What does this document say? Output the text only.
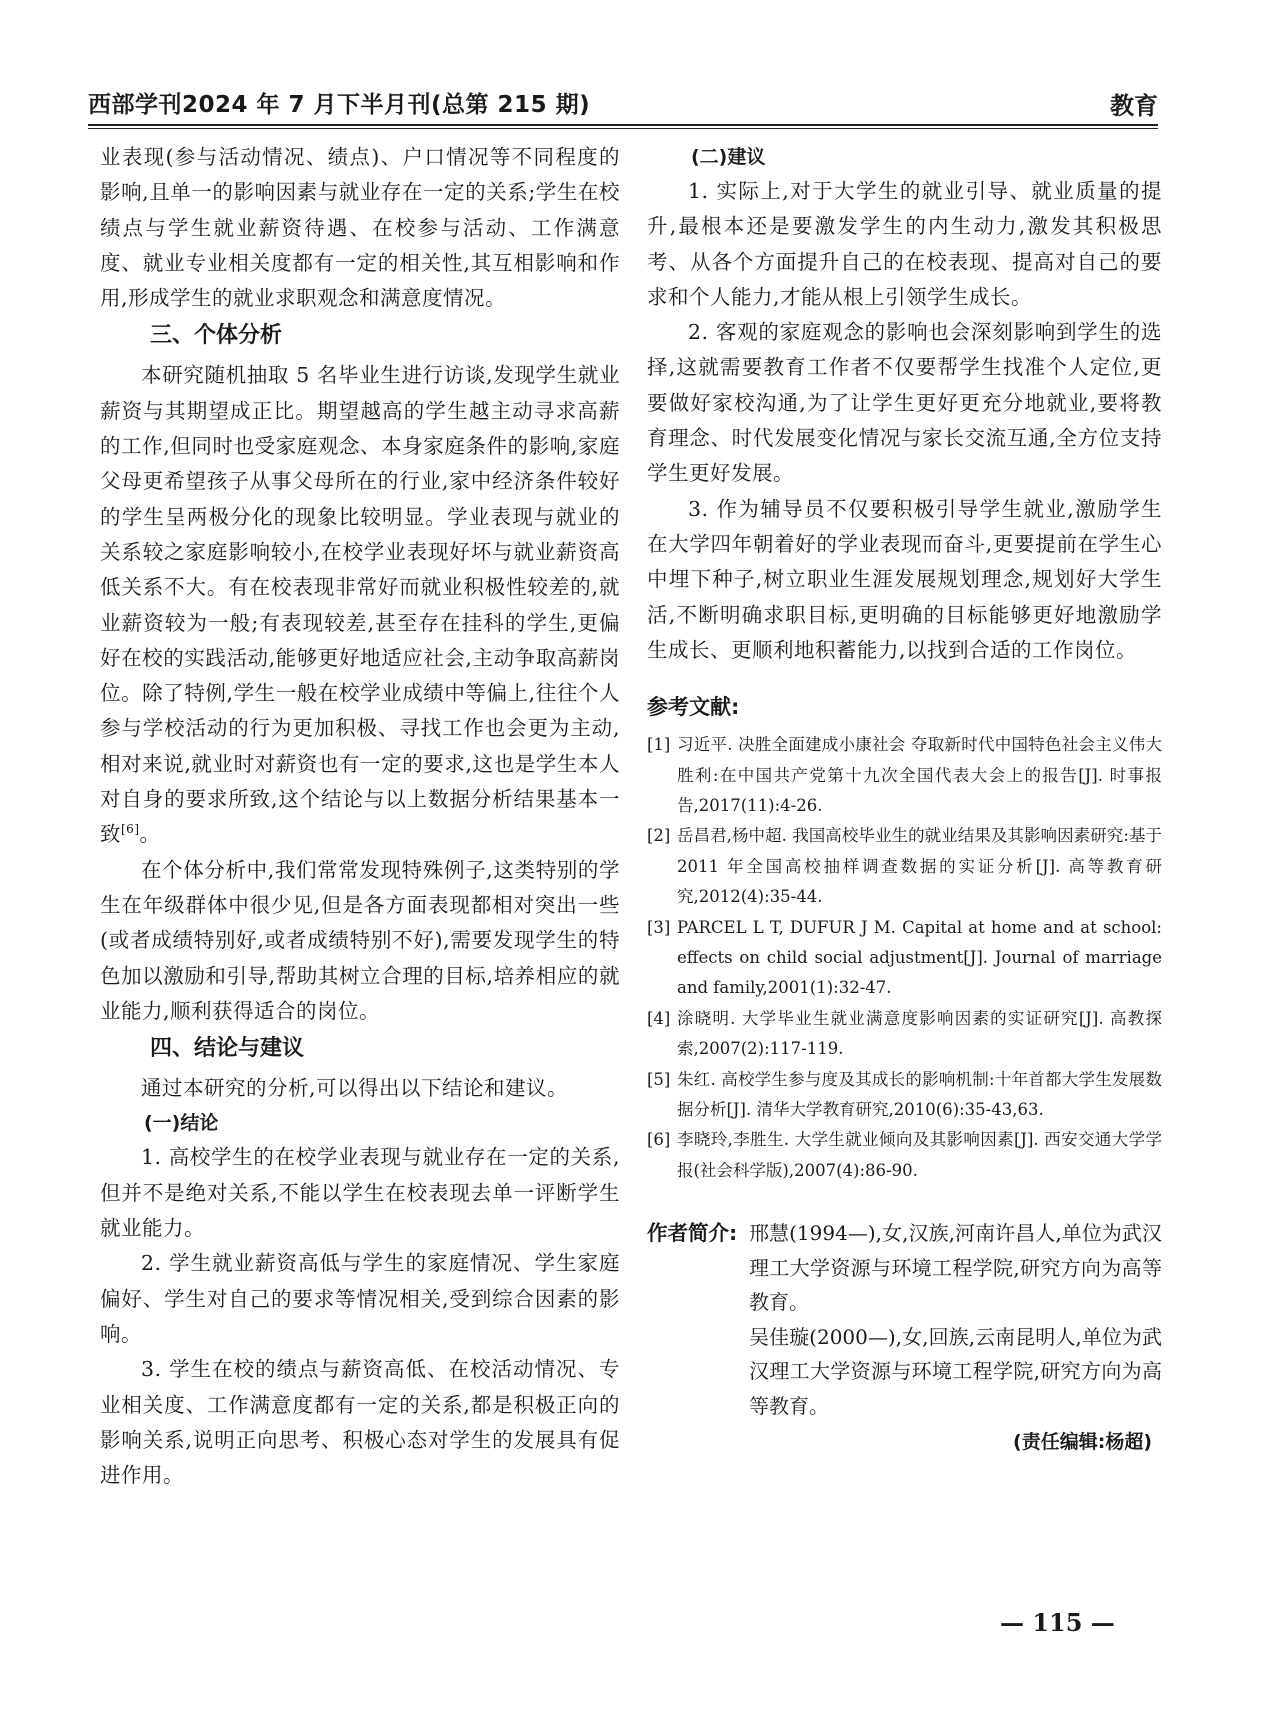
西部学刊2024 年 7 月下半月刊(总第 215 期)	教育

业表现(参与活动情况、绩点)、户口情况等不同程度的影响,且单一的影响因素与就业存在一定的关系;学生在校绩点与学生就业薪资待遇、在校参与活动、工作满意度、就业专业相关度都有一定的相关性,其互相影响和作用,形成学生的就业求职观念和满意度情况。

三、个体分析

本研究随机抽取 5 名毕业生进行访谈,发现学生就业薪资与其期望成正比。期望越高的学生越主动寻求高薪的工作,但同时也受家庭观念、本身家庭条件的影响,家庭父母更希望孩子从事父母所在的行业,家中经济条件较好的学生呈两极分化的现象比较明显。学业表现与就业的关系较之家庭影响较小,在校学业表现好坏与就业薪资高低关系不大。有在校表现非常好而就业积极性较差的,就业薪资较为一般;有表现较差,甚至存在挂科的学生,更偏好在校的实践活动,能够更好地适应社会,主动争取高薪岗位。除了特例,学生一般在校学业成绩中等偏上,往往个人参与学校活动的行为更加积极、寻找工作也会更为主动,相对来说,就业时对薪资也有一定的要求,这也是学生本人对自身的要求所致,这个结论与以上数据分析结果基本一致[6]。

在个体分析中,我们常常发现特殊例子,这类特别的学生在年级群体中很少见,但是各方面表现都相对突出一些(或者成绩特别好,或者成绩特别不好),需要发现学生的特色加以激励和引导,帮助其树立合理的目标,培养相应的就业能力,顺利获得适合的岗位。

四、结论与建议

通过本研究的分析,可以得出以下结论和建议。

(一)结论

1. 高校学生的在校学业表现与就业存在一定的关系,但并不是绝对关系,不能以学生在校表现去单一评断学生就业能力。

2. 学生就业薪资高低与学生的家庭情况、学生家庭偏好、学生对自己的要求等情况相关,受到综合因素的影响。

3. 学生在校的绩点与薪资高低、在校活动情况、专业相关度、工作满意度都有一定的关系,都是积极正向的影响关系,说明正向思考、积极心态对学生的发展具有促进作用。

(二)建议

1. 实际上,对于大学生的就业引导、就业质量的提升,最根本还是要激发学生的内生动力,激发其积极思考、从各个方面提升自己的在校表现、提高对自己的要求和个人能力,才能从根上引领学生成长。

2. 客观的家庭观念的影响也会深刻影响到学生的选择,这就需要教育工作者不仅要帮学生找准个人定位,更要做好家校沟通,为了让学生更好更充分地就业,要将教育理念、时代发展变化情况与家长交流互通,全方位支持学生更好发展。

3. 作为辅导员不仅要积极引导学生就业,激励学生在大学四年朝着好的学业表现而奋斗,更要提前在学生心中埋下种子,树立职业生涯发展规划理念,规划好大学生活,不断明确求职目标,更明确的目标能够更好地激励学生成长、更顺利地积蓄能力,以找到合适的工作岗位。

参考文献:
[1] 习近平. 决胜全面建成小康社会 夺取新时代中国特色社会主义伟大胜利:在中国共产党第十九次全国代表大会上的报告[J]. 时事报告,2017(11):4-26.
[2] 岳昌君,杨中超. 我国高校毕业生的就业结果及其影响因素研究:基于 2011 年全国高校抽样调查数据的实证分析[J]. 高等教育研究,2012(4):35-44.
[3] PARCEL L T, DUFUR J M. Capital at home and at school: effects on child social adjustment[J]. Journal of marriage and family,2001(1):32-47.
[4] 涂晓明. 大学毕业生就业满意度影响因素的实证研究[J]. 高教探索,2007(2):117-119.
[5] 朱红. 高校学生参与度及其成长的影响机制:十年首都大学生发展数据分析[J]. 清华大学教育研究,2010(6):35-43,63.
[6] 李晓玲,李胜生. 大学生就业倾向及其影响因素[J]. 西安交通大学学报(社会科学版),2007(4):86-90.
作者简介: 邢慧(1994—),女,汉族,河南许昌人,单位为武汉理工大学资源与环境工程学院,研究方向为高等教育。

吴佳璇(2000—),女,回族,云南昆明人,单位为武汉理工大学资源与环境工程学院,研究方向为高等教育。

(责任编辑:杨超)
— 115 —
